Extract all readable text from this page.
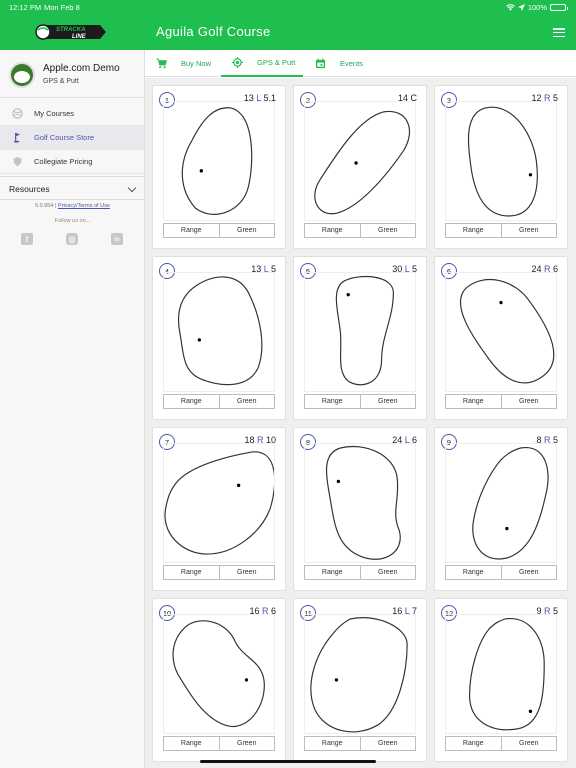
12:12 PM Mon Feb 8	100%
STRACKA
LINE	Aguila Golf Course
Apple.com Demo
GPS & Putt
My Courses
Golf Course Store
Collegiate Pricing
Resources
5.0.954 | Privacy/Terms of Use
Follow us on...
f	◎	in
Buy Now	GPS & Putt	Events
1	13 L 5.1
Range	Green
2	14 C
Range	Green
3	12 R 5
Range	Green
4	13 L 5
Range	Green
5	30 L 5
Range	Green
6	24 R 6
Range	Green
7	18 R 10
Range	Green
8	24 L 6
Range	Green
9	8 R 5
Range	Green
10	16 R 6
Range	Green
11	16 L 7
Range	Green
12	9 R 5
Range	Green
